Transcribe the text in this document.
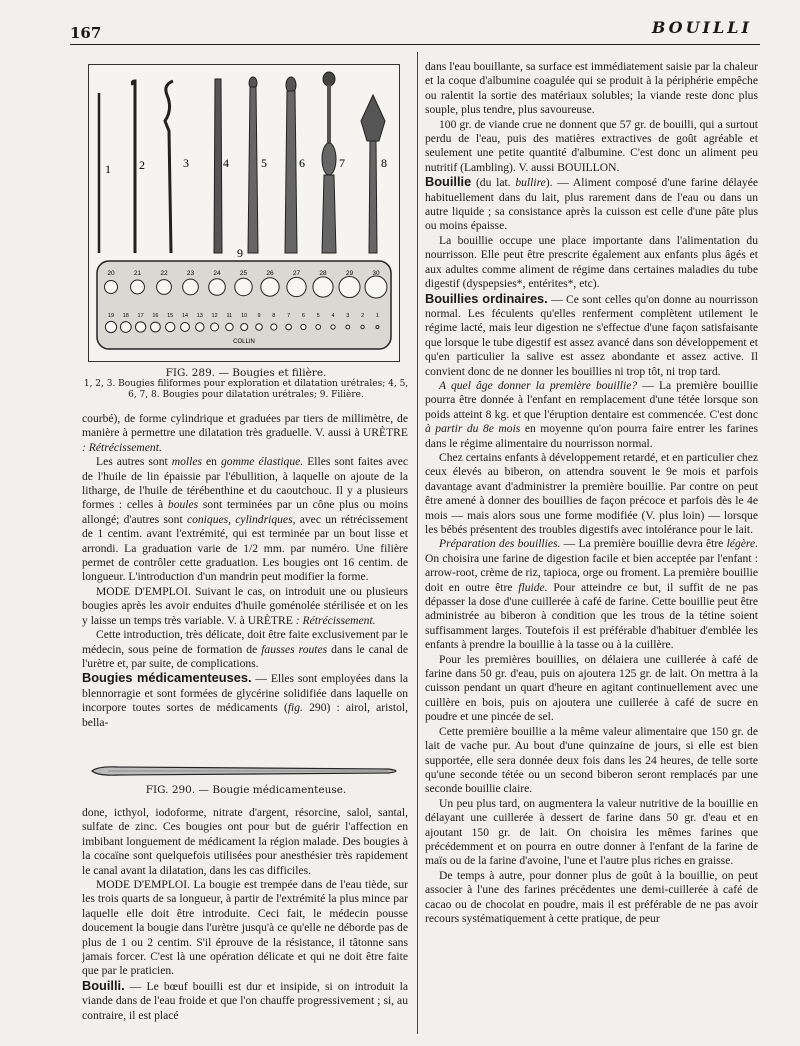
167	BOUILLI
1 2	3	4	5	6	7	8
9
20	21	22	23	24	25	26	27	28	29	30
19 18 17 16 15 14 13 12 11 10 9 8 7 6 5 4 3 2 1
COLLIN
FIG. 289. — Bougies et filière.
1, 2, 3. Bougies filiformes pour exploration et dilatation urétrales; 4, 5, 6, 7, 8. Bougies pour dilatation urétrales; 9. Filière.

courbé), de forme cylindrique et graduées par tiers de millimètre, de manière à permettre une dilatation très graduelle. V. aussi à URÈTRE : Rétrécissement.

Les autres sont molles en gomme élastique. Elles sont faites avec de l'huile de lin épaissie par l'ébullition, à laquelle on ajoute de la litharge, de l'huile de térébenthine et du caoutchouc. Il y a plusieurs formes : celles à boules sont terminées par un cône plus ou moins allongé; d'autres sont coniques, cylindriques, avec un rétrécissement de 1 centim. avant l'extrémité, qui est terminée par un bout lisse et arrondi. La graduation varie de 1/2 mm. par numéro. Une filière permet de contrôler cette graduation. Les bougies ont 16 centim. de longueur. L'introduction d'un mandrin peut modifier la forme.

MODE D'EMPLOI. Suivant le cas, on introduit une ou plusieurs bougies après les avoir enduites d'huile goménolée stérilisée et on les y laisse un temps très variable. V. à URÈTRE : Rétrécissement.

Cette introduction, très délicate, doit être faite exclusivement par le médecin, sous peine de formation de fausses routes dans le canal de l'urètre et, par suite, de complications.

Bougies médicamenteuses. — Elles sont employées dans la blennorragie et sont formées de glycérine solidifiée dans laquelle on incorpore toutes sortes de médicaments (fig. 290) : airol, aristol, bella-

FIG. 290. — Bougie médicamenteuse.

done, icthyol, iodoforme, nitrate d'argent, résorcine, salol, santal, sulfate de zinc. Ces bougies ont pour but de guérir l'affection en imbibant longuement de médicament la région malade. Des bougies à la cocaïne sont quelquefois utilisées pour anesthésier très rapidement le canal avant la dilatation, dans les cas difficiles.

MODE D'EMPLOI. La bougie est trempée dans de l'eau tiède, sur les trois quarts de sa longueur, à partir de l'extrémité la plus mince par laquelle elle doit être introduite. Ceci fait, le médecin pousse doucement la bougie dans l'urètre jusqu'à ce qu'elle ne déborde pas de plus de 1 ou 2 centim. S'il éprouve de la résistance, il tâtonne sans jamais forcer. C'est là une opération délicate et qui ne doit être faite que par le praticien.

Bouilli. — Le bœuf bouilli est dur et insipide, si on introduit la viande dans de l'eau froide et que l'on chauffe progressivement ; si, au contraire, il est placé

dans l'eau bouillante, sa surface est immédiatement saisie par la chaleur et la coque d'albumine coagulée qui se produit à la périphérie empêche ou ralentit la sortie des matériaux solubles; la viande reste donc plus souple, plus tendre, plus savoureuse.

100 gr. de viande crue ne donnent que 57 gr. de bouilli, qui a surtout perdu de l'eau, puis des matières extractives de goût agréable et seulement une petite quantité d'albumine. C'est donc un aliment peu nutritif (Lambling). V. aussi BOUILLON.

Bouillie (du lat. bullire). — Aliment composé d'une farine délayée habituellement dans du lait, plus rarement dans de l'eau ou dans un autre liquide ; sa consistance après la cuisson est celle d'une pâte plus ou moins épaisse.

La bouillie occupe une place importante dans l'alimentation du nourrisson. Elle peut être prescrite également aux enfants plus âgés et aux adultes comme aliment de régime dans certaines maladies du tube digestif (dyspepsies*, entérites*, etc).

Bouillies ordinaires. — Ce sont celles qu'on donne au nourrisson normal. Les féculents qu'elles renferment complètent utilement le régime lacté, mais leur digestion ne s'effectue d'une façon satisfaisante que lorsque le tube digestif est assez avancé dans son développement et qu'en particulier la salive est assez abondante et assez active. Il convient donc de ne donner les bouillies ni trop tôt, ni trop tard.

A quel âge donner la première bouillie? — La première bouillie pourra être donnée à l'enfant en remplacement d'une tétée lorsque son poids atteint 8 kg. et que l'éruption dentaire est commencée. C'est donc à partir du 8e mois en moyenne qu'on pourra faire entrer les farines dans le régime alimentaire du nourrisson normal.

Chez certains enfants à développement retardé, et en particulier chez ceux élevés au biberon, on attendra souvent le 9e mois et parfois davantage avant d'administrer la première bouillie. Par contre on peut être amené à donner des bouillies de façon précoce et parfois dès le 4e mois — mais alors sous une forme modifiée (V. plus loin) — lorsque les bébés présentent des troubles digestifs avec intolérance pour le lait.

Préparation des bouillies. — La première bouillie devra être légère. On choisira une farine de digestion facile et bien acceptée par l'enfant : arrow-root, crème de riz, tapioca, orge ou froment. La première bouillie doit en outre être fluide. Pour atteindre ce but, il suffit de ne pas dépasser la dose d'une cuillerée à café de farine. Cette bouillie peut être administrée au biberon à condition que les trous de la tétine soient suffisamment larges. Toutefois il est préférable d'habituer d'emblée les enfants à prendre la bouillie à la tasse ou à la cuillère.

Pour les premières bouillies, on délaiera une cuillerée à café de farine dans 50 gr. d'eau, puis on ajoutera 125 gr. de lait. On mettra à la cuisson pendant un quart d'heure en agitant continuellement avec une cuillère en bois, puis on ajoutera une cuillerée à café de sucre en poudre et une pincée de sel.

Cette première bouillie a la même valeur alimentaire que 150 gr. de lait de vache pur. Au bout d'une quinzaine de jours, si elle est bien supportée, elle sera donnée deux fois dans les 24 heures, de telle sorte qu'une seconde tétée ou un second biberon seront remplacés par une seconde bouillie claire.

Un peu plus tard, on augmentera la valeur nutritive de la bouillie en délayant une cuillerée à dessert de farine dans 50 gr. d'eau et en ajoutant 150 gr. de lait. On choisira les mêmes farines que précédemment et on pourra en outre donner à l'enfant de la farine de maïs ou de la farine d'avoine, l'une et l'autre plus riches en graisse.

De temps à autre, pour donner plus de goût à la bouillie, on peut associer à l'une des farines précédentes une demi-cuillerée à café de cacao ou de chocolat en poudre, mais il est préférable de ne pas avoir recours systématiquement à cette pratique, de peur
